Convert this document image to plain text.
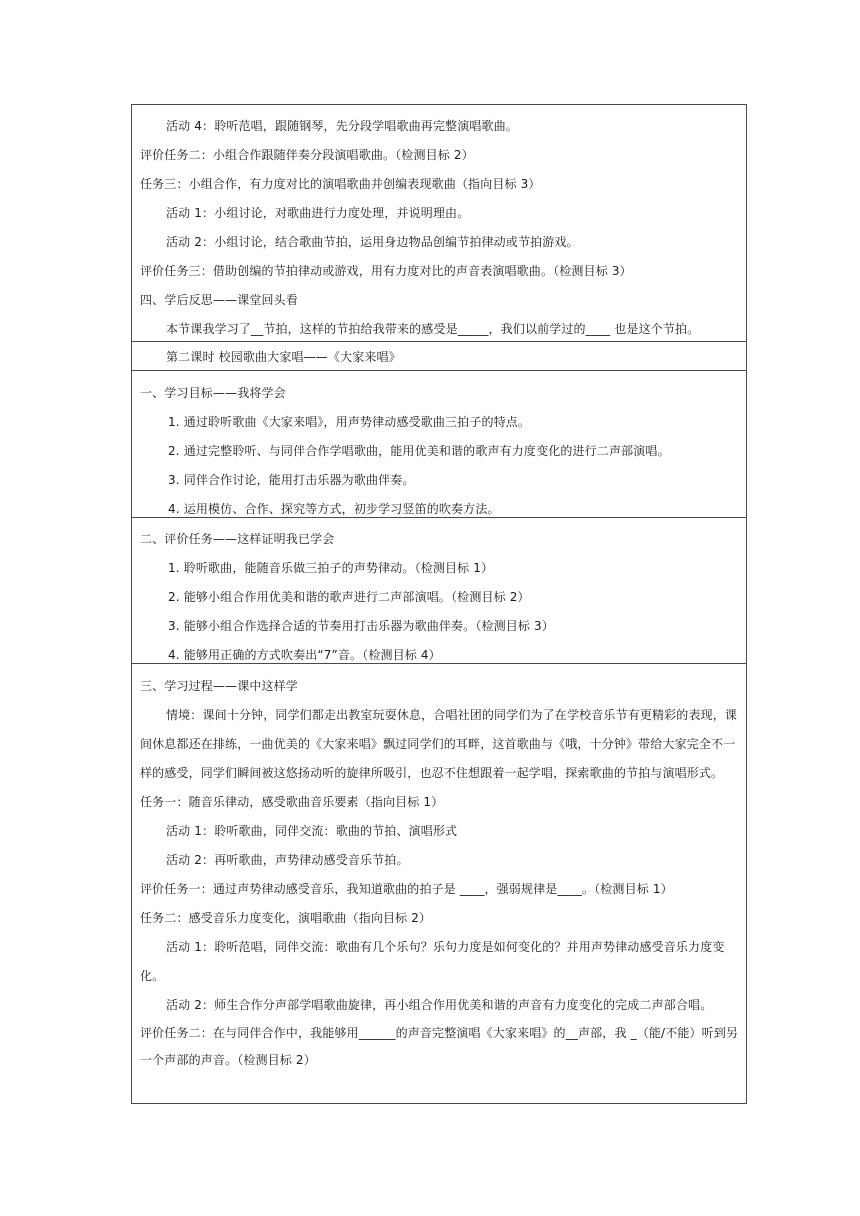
活动 4：聆听范唱，跟随钢琴，先分段学唱歌曲再完整演唱歌曲。
评价任务二：小组合作跟随伴奏分段演唱歌曲。（检测目标 2）
任务三：小组合作，有力度对比的演唱歌曲并创编表现歌曲（指向目标 3）
活动 1：小组讨论，对歌曲进行力度处理，并说明理由。
活动 2：小组讨论，结合歌曲节拍，运用身边物品创编节拍律动或节拍游戏。
评价任务三：借助创编的节拍律动或游戏，用有力度对比的声音表演唱歌曲。（检测目标 3）
四、学后反思——课堂回头看
本节课我学习了__节拍，这样的节拍给我带来的感受是_____，我们以前学过的____ 也是这个节拍。
第二课时 校园歌曲大家唱——《大家来唱》
一、学习目标——我将学会
1. 通过聆听歌曲《大家来唱》，用声势律动感受歌曲三拍子的特点。
2. 通过完整聆听、与同伴合作学唱歌曲，能用优美和谐的歌声有力度变化的进行二声部演唱。
3. 同伴合作讨论，能用打击乐器为歌曲伴奏。
4. 运用模仿、合作、探究等方式，初步学习竖笛的吹奏方法。
二、评价任务——这样证明我已学会
1. 聆听歌曲，能随音乐做三拍子的声势律动。（检测目标 1）
2. 能够小组合作用优美和谐的歌声进行二声部演唱。（检测目标 2）
3. 能够小组合作选择合适的节奏用打击乐器为歌曲伴奏。（检测目标 3）
4. 能够用正确的方式吹奏出“7”音。（检测目标 4）
三、学习过程——课中这样学
情境：课间十分钟，同学们都走出教室玩耍休息，合唱社团的同学们为了在学校音乐节有更精彩的表现，课间休息都还在排练，一曲优美的《大家来唱》飘过同学们的耳畔，这首歌曲与《哦，十分钟》带给大家完全不一样的感受，同学们瞬间被这悠扬动听的旋律所吸引，也忍不住想跟着一起学唱，探索歌曲的节拍与演唱形式。
任务一：随音乐律动，感受歌曲音乐要素（指向目标 1）
活动 1：聆听歌曲，同伴交流：歌曲的节拍、演唱形式
活动 2：再听歌曲，声势律动感受音乐节拍。
评价任务一：通过声势律动感受音乐，我知道歌曲的拍子是 ____，强弱规律是____。（检测目标 1）
任务二：感受音乐力度变化，演唱歌曲（指向目标 2）
活动 1：聆听范唱，同伴交流：歌曲有几个乐句？乐句力度是如何变化的？并用声势律动感受音乐力度变化。
活动 2：师生合作分声部学唱歌曲旋律，再小组合作用优美和谐的声音有力度变化的完成二声部合唱。
评价任务二：在与同伴合作中，我能够用______的声音完整演唱《大家来唱》的__声部，我 _（能/不能）听到另一个声部的声音。（检测目标 2）
